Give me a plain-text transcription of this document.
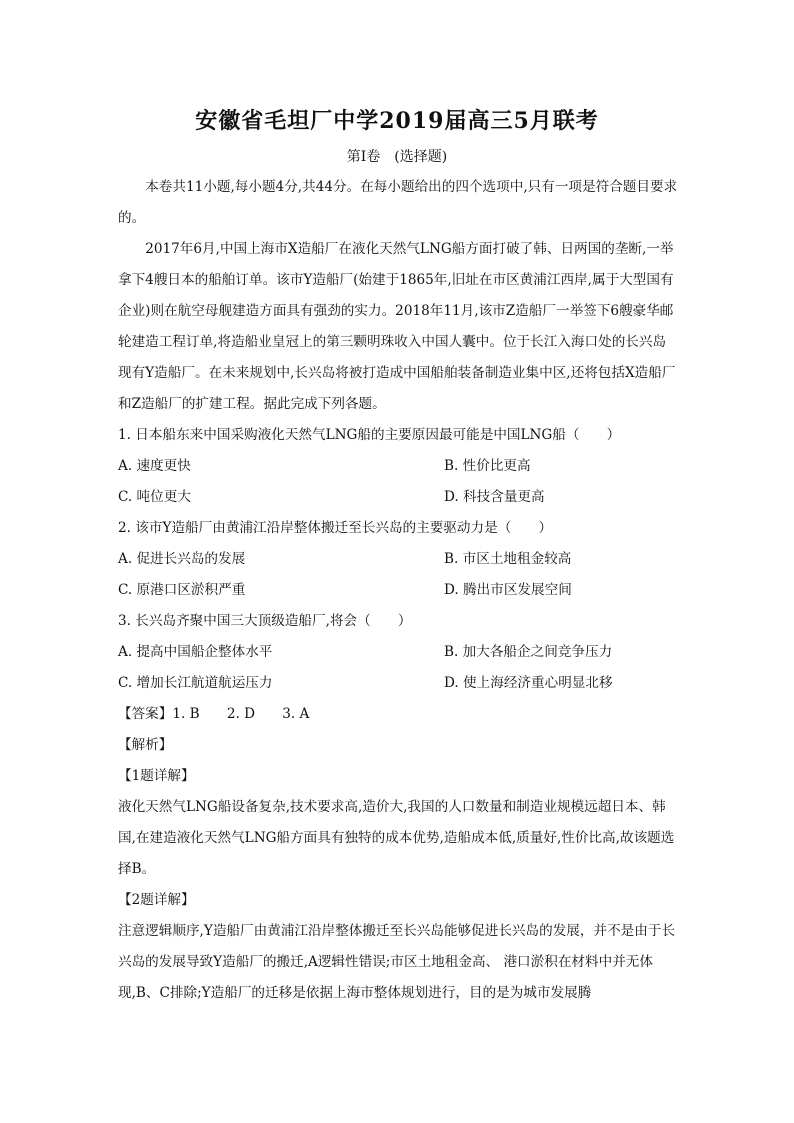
安徽省毛坦厂中学2019届高三5月联考
第Ⅰ卷　(选择题)

本卷共11小题,每小题4分,共44分。在每小题给出的四个选项中,只有一项是符合题目要求的。

2017年6月,中国上海市X造船厂在液化天然气LNG船方面打破了韩、日两国的垄断,一举拿下4艘日本的船舶订单。该市Y造船厂(始建于1865年,旧址在市区黄浦江西岸,属于大型国有企业)则在航空母舰建造方面具有强劲的实力。2018年11月,该市Z造船厂一举签下6艘豪华邮轮建造工程订单,将造船业皇冠上的第三颗明珠收入中国人囊中。位于长江入海口处的长兴岛现有Y造船厂。在未来规划中,长兴岛将被打造成中国船舶装备制造业集中区,还将包括X造船厂和Z造船厂的扩建工程。据此完成下列各题。

1. 日本船东来中国采购液化天然气LNG船的主要原因最可能是中国LNG船（　　）

A. 速度更快	B. 性价比更高
C. 吨位更大	D. 科技含量更高

2. 该市Y造船厂由黄浦江沿岸整体搬迁至长兴岛的主要驱动力是（　　）

A. 促进长兴岛的发展	B. 市区土地租金较高
C. 原港口区淤积严重	D. 腾出市区发展空间

3. 长兴岛齐聚中国三大顶级造船厂,将会（　　）

A. 提高中国船企整体水平	B. 加大各船企之间竞争压力
C. 增加长江航道航运压力	D. 使上海经济重心明显北移

【答案】1. B　　2. D　　3. A

【解析】

【1题详解】

液化天然气LNG船设备复杂,技术要求高,造价大,我国的人口数量和制造业规模远超日本、韩国,在建造液化天然气LNG船方面具有独特的成本优势,造船成本低,质量好,性价比高,故该题选择B。

【2题详解】

注意逻辑顺序,Y造船厂由黄浦江沿岸整体搬迁至长兴岛能够促进长兴岛的发展，并不是由于长兴岛的发展导致Y造船厂的搬迁,A逻辑性错误;市区土地租金高、 港口淤积在材料中并无体现,B、C排除;Y造船厂的迁移是依据上海市整体规划进行，目的是为城市发展腾
